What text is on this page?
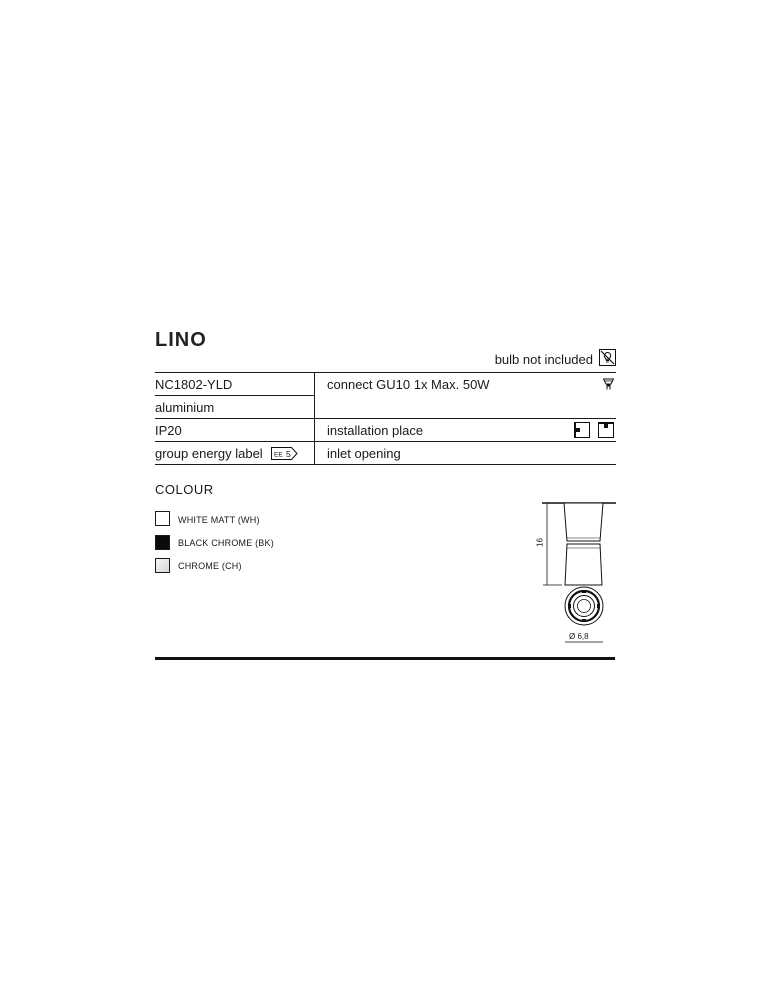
LINO
bulb not included
NC1802-YLD
aluminium
IP20
group energy label EE 5
connect GU10 1x Max. 50W
installation place
inlet opening
COLOUR
WHITE MATT (WH)
BLACK CHROME (BK)
CHROME (CH)
16
Ø 6,8
